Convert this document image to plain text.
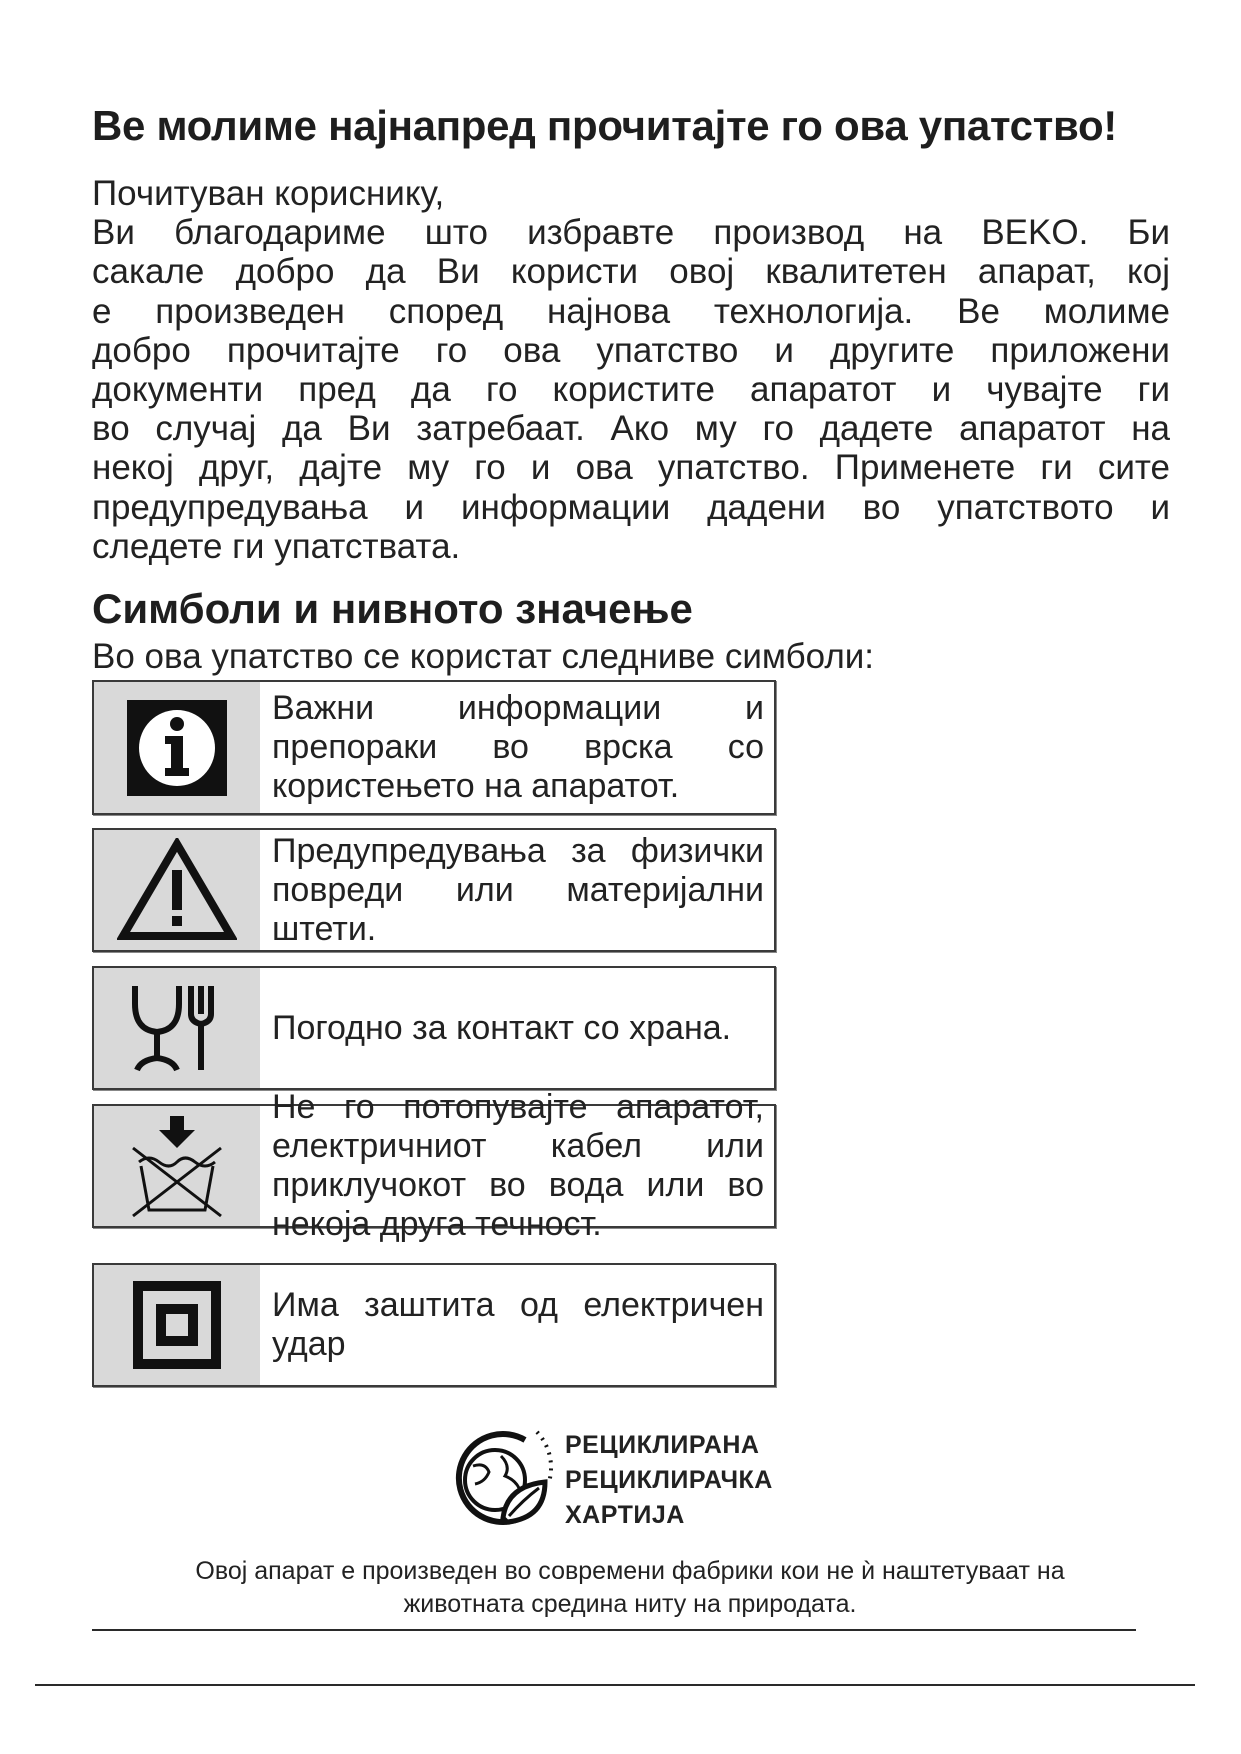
Ве молиме најнапред прочитајте го ова упатство!

Почитуван кориснику,

Ви благодариме што избравте производ на BEKO. Би

сакале добро да Ви користи овој квалитетен апарат, кој

е произведен според најнова технологија. Ве молиме

добро прочитајте го ова упатство и другите приложени

документи пред да го користите апаратот и чувајте ги

во случај да Ви затребаат. Ако му го дадете апаратот на

некој друг, дајте му го и ова упатство. Применете ги сите

предупредувања и информации дадени во упатството и

следете ги упатствата.

Симболи и нивното значење
Во ова упатство се користат следниве симболи:
Важни информации и
препораки во врска со
користењето на апаратот.
Предупредувања за физички
повреди или материјални
штети.
Погодно за контакт со храна.
Не го потопувајте апаратот,
електричниот кабел или
приклучокот во вода или во
некоја друга течност.
Има заштита од електричен
удар
РЕЦИКЛИРАНА
РЕЦИКЛИРАЧКА
ХАРТИЈА
Овој апарат е произведен во современи фабрики кои не ѝ наштетуваат на
животната средина ниту на природата.
